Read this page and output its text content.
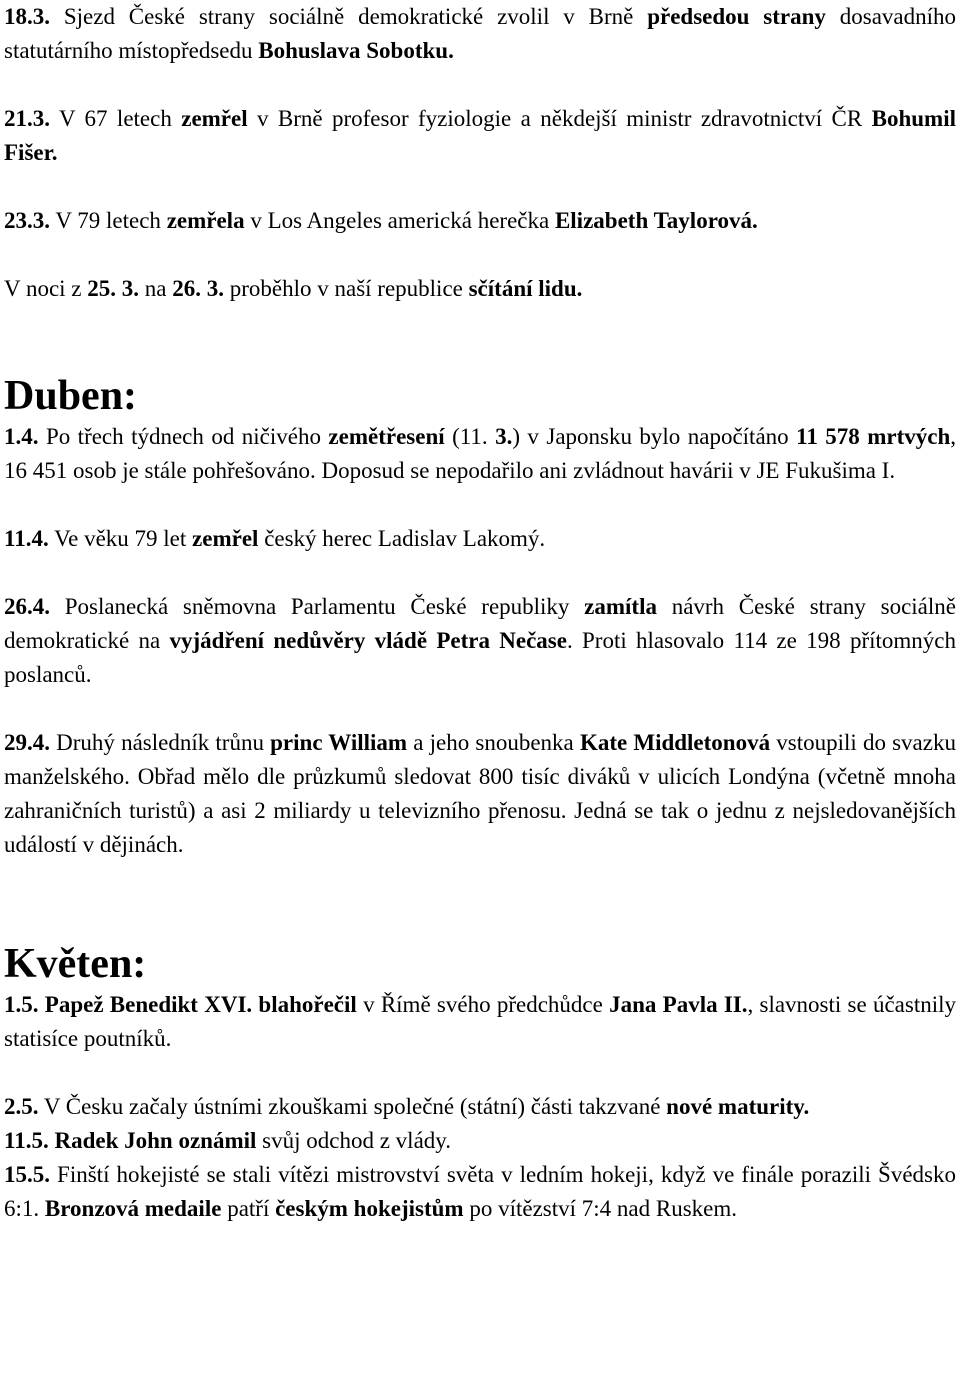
18.3. Sjezd České strany sociálně demokratické zvolil v Brně předsedou strany dosavadního statutárního místopředsedu Bohuslava Sobotku.

21.3. V 67 letech zemřel v Brně profesor fyziologie a někdejší ministr zdravotnictví ČR Bohumil Fišer.

23.3. V 79 letech zemřela v Los Angeles americká herečka Elizabeth Taylorová.

V noci z 25. 3. na 26. 3. proběhlo v naší republice sčítání lidu.

Duben:

1.4. Po třech týdnech od ničivého zemětřesení (11. 3.) v Japonsku bylo napočítáno 11 578 mrtvých, 16 451 osob je stále pohřešováno. Doposud se nepodařilo ani zvládnout havárii v JE Fukušima I.

11.4. Ve věku 79 let zemřel český herec Ladislav Lakomý.

26.4. Poslanecká sněmovna Parlamentu České republiky zamítla návrh České strany sociálně demokratické na vyjádření nedůvěry vládě Petra Nečase. Proti hlasovalo 114 ze 198 přítomných poslanců.

29.4. Druhý následník trůnu princ William a jeho snoubenka Kate Middletonová vstoupili do svazku manželského. Obřad mělo dle průzkumů sledovat 800 tisíc diváků v ulicích Londýna (včetně mnoha zahraničních turistů) a asi 2 miliardy u televizního přenosu. Jedná se tak o jednu z nejsledovanějších událostí v dějinách.

Květen:

1.5. Papež Benedikt XVI. blahořečil v Římě svého předchůdce Jana Pavla II., slavnosti se účastnily statisíce poutníků.

2.5. V Česku začaly ústními zkouškami společné (státní) části takzvané nové maturity.

11.5. Radek John oznámil svůj odchod z vlády.

15.5. Finští hokejisté se stali vítězi mistrovství světa v ledním hokeji, když ve finále porazili Švédsko 6:1. Bronzová medaile patří českým hokejistům po vítězství 7:4 nad Ruskem.
